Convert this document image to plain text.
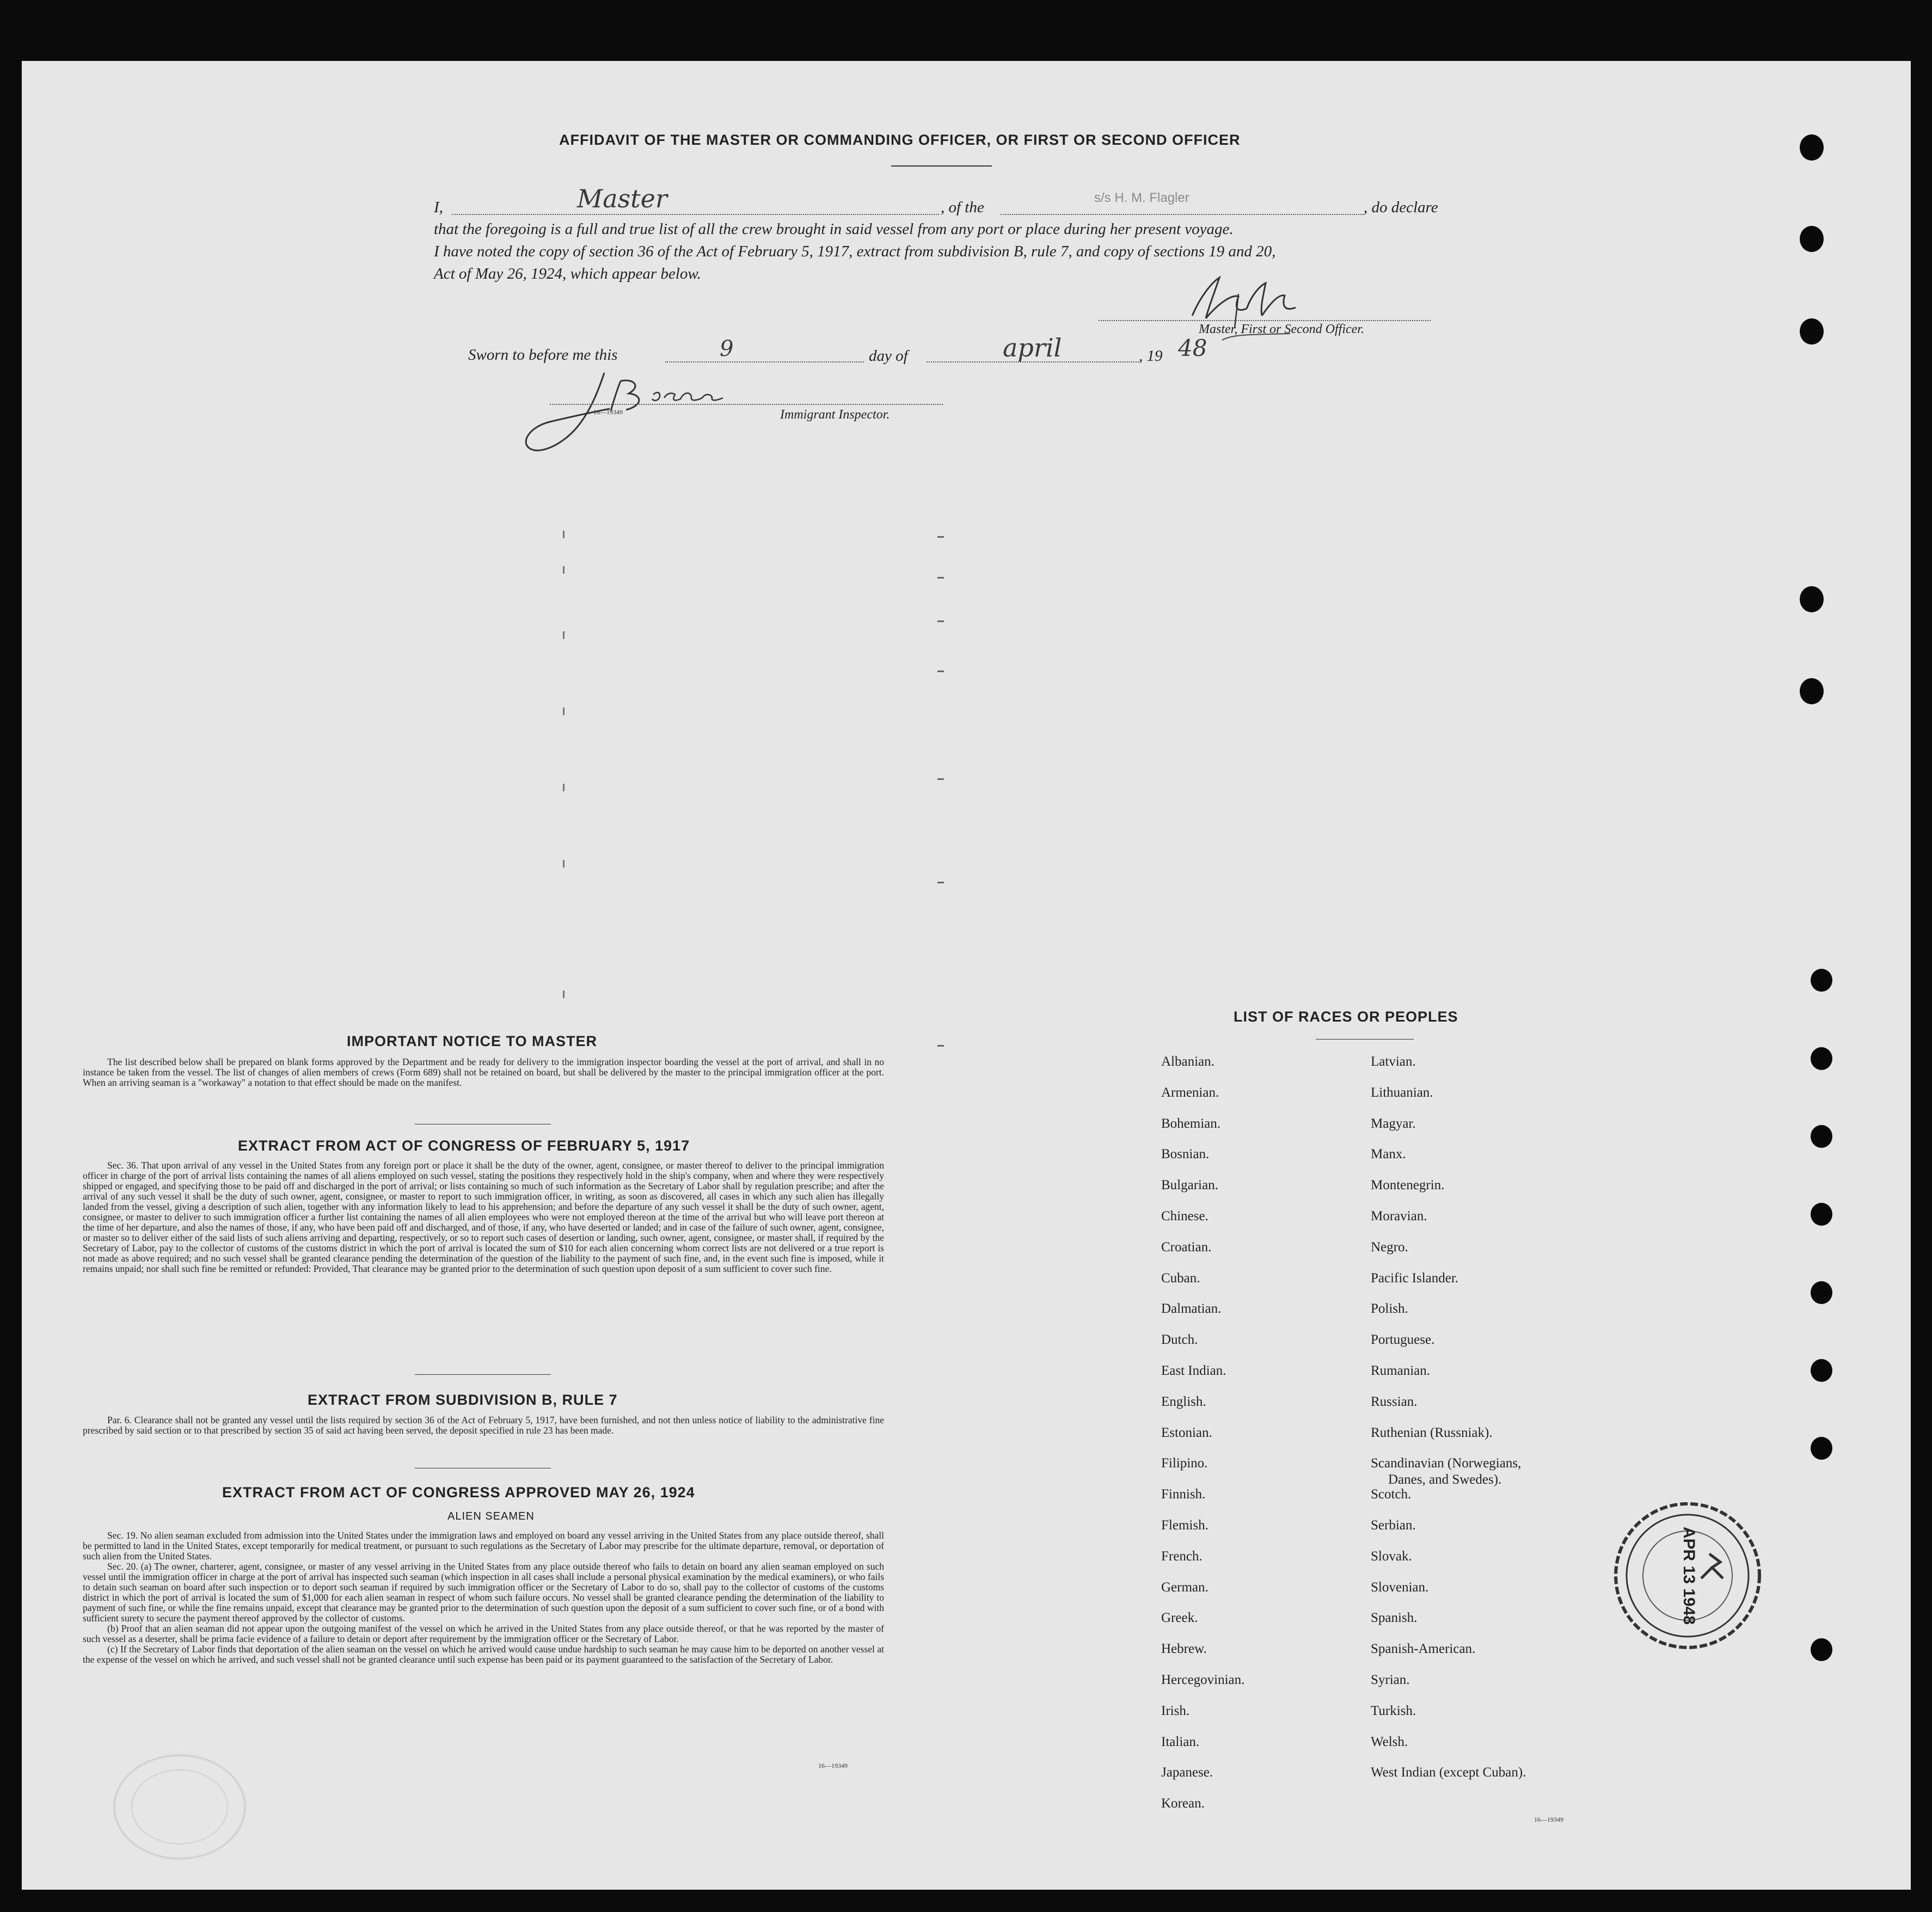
AFFIDAVIT OF THE MASTER OR COMMANDING OFFICER, OR FIRST OR SECOND OFFICER
I,	Master	, of the
s/s H. M. Flagler
, do declare
that the foregoing is a full and true list of all the crew brought in said vessel from any port or place during her present voyage.
I have noted the copy of section 36 of the Act of February 5, 1917, extract from subdivision B, rule 7, and copy of sections 19 and 20,
Act of May 26, 1924, which appear below.
Master, First or Second Officer.
Sworn to before me this	9	day of	april	, 19 48
16—19349	Immigrant Inspector.
IMPORTANT NOTICE TO MASTER

The list described below shall be prepared on blank forms approved by the Department and be ready for delivery to the immigration inspector boarding the vessel at the port of arrival, and shall in no instance be taken from the vessel. The list of changes of alien members of crews (Form 689) shall not be retained on board, but shall be delivered by the master to the principal immigration officer at the port. When an arriving seaman is a "workaway" a notation to that effect should be made on the manifest.

EXTRACT FROM ACT OF CONGRESS OF FEBRUARY 5, 1917

Sec. 36. That upon arrival of any vessel in the United States from any foreign port or place it shall be the duty of the owner, agent, consignee, or master thereof to deliver to the principal immigration officer in charge of the port of arrival lists containing the names of all aliens employed on such vessel, stating the positions they respectively hold in the ship's company, when and where they were respectively shipped or engaged, and specifying those to be paid off and discharged in the port of arrival; or lists containing so much of such information as the Secretary of Labor shall by regulation prescribe; and after the arrival of any such vessel it shall be the duty of such owner, agent, consignee, or master to report to such immigration officer, in writing, as soon as discovered, all cases in which any such alien has illegally landed from the vessel, giving a description of such alien, together with any information likely to lead to his apprehension; and before the departure of any such vessel it shall be the duty of such owner, agent, consignee, or master to deliver to such immigration officer a further list containing the names of all alien employees who were not employed thereon at the time of the arrival but who will leave port thereon at the time of her departure, and also the names of those, if any, who have been paid off and discharged, and of those, if any, who have deserted or landed; and in case of the failure of such owner, agent, consignee, or master so to deliver either of the said lists of such aliens arriving and departing, respectively, or so to report such cases of desertion or landing, such owner, agent, consignee, or master shall, if required by the Secretary of Labor, pay to the collector of customs of the customs district in which the port of arrival is located the sum of $10 for each alien concerning whom correct lists are not delivered or a true report is not made as above required; and no such vessel shall be granted clearance pending the determination of the question of the liability to the payment of such fine, and, in the event such fine is imposed, while it remains unpaid; nor shall such fine be remitted or refunded: Provided, That clearance may be granted prior to the determination of such question upon deposit of a sum sufficient to cover such fine.

EXTRACT FROM SUBDIVISION B, RULE 7

Par. 6. Clearance shall not be granted any vessel until the lists required by section 36 of the Act of February 5, 1917, have been furnished, and not then unless notice of liability to the administrative fine prescribed by said section or to that prescribed by section 35 of said act having been served, the deposit specified in rule 23 has been made.

EXTRACT FROM ACT OF CONGRESS APPROVED MAY 26, 1924
ALIEN SEAMEN

Sec. 19. No alien seaman excluded from admission into the United States under the immigration laws and employed on board any vessel arriving in the United States from any place outside thereof, shall be permitted to land in the United States, except temporarily for medical treatment, or pursuant to such regulations as the Secretary of Labor may prescribe for the ultimate departure, removal, or deportation of such alien from the United States.

Sec. 20. (a) The owner, charterer, agent, consignee, or master of any vessel arriving in the United States from any place outside thereof who fails to detain on board any alien seaman employed on such vessel until the immigration officer in charge at the port of arrival has inspected such seaman (which inspection in all cases shall include a personal physical examination by the medical examiners), or who fails to detain such seaman on board after such inspection or to deport such seaman if required by such immigration officer or the Secretary of Labor to do so, shall pay to the collector of customs of the customs district in which the port of arrival is located the sum of $1,000 for each alien seaman in respect of whom such failure occurs. No vessel shall be granted clearance pending the determination of the liability to payment of such fine, or while the fine remains unpaid, except that clearance may be granted prior to the determination of such question upon the deposit of a sum sufficient to cover such fine, or of a bond with sufficient surety to secure the payment thereof approved by the collector of customs.

(b) Proof that an alien seaman did not appear upon the outgoing manifest of the vessel on which he arrived in the United States from any place outside thereof, or that he was reported by the master of such vessel as a deserter, shall be prima facie evidence of a failure to detain or deport after requirement by the immigration officer or the Secretary of Labor.

(c) If the Secretary of Labor finds that deportation of the alien seaman on the vessel on which he arrived would cause undue hardship to such seaman he may cause him to be deported on another vessel at the expense of the vessel on which he arrived, and such vessel shall not be granted clearance until such expense has been paid or its payment guaranteed to the satisfaction of the Secretary of Labor.

16—19349
LIST OF RACES OR PEOPLES
Albanian.
Armenian.
Bohemian.
Bosnian.
Bulgarian.
Chinese.
Croatian.
Cuban.
Dalmatian.
Dutch.
East Indian.
English.
Estonian.
Filipino.
Finnish.
Flemish.
French.
German.
Greek.
Hebrew.
Hercegovinian.
Irish.
Italian.
Japanese.
Korean.
Latvian.
Lithuanian.
Magyar.
Manx.
Montenegrin.
Moravian.
Negro.
Pacific Islander.
Polish.
Portuguese.
Rumanian.
Russian.
Ruthenian (Russniak).
Scandinavian (Norwegians,
Danes, and Swedes).
Scotch.
Serbian.
Slovak.
Slovenian.
Spanish.
Spanish-American.
Syrian.
Turkish.
Welsh.
West Indian (except Cuban).
16—19349
APR 13 1948
